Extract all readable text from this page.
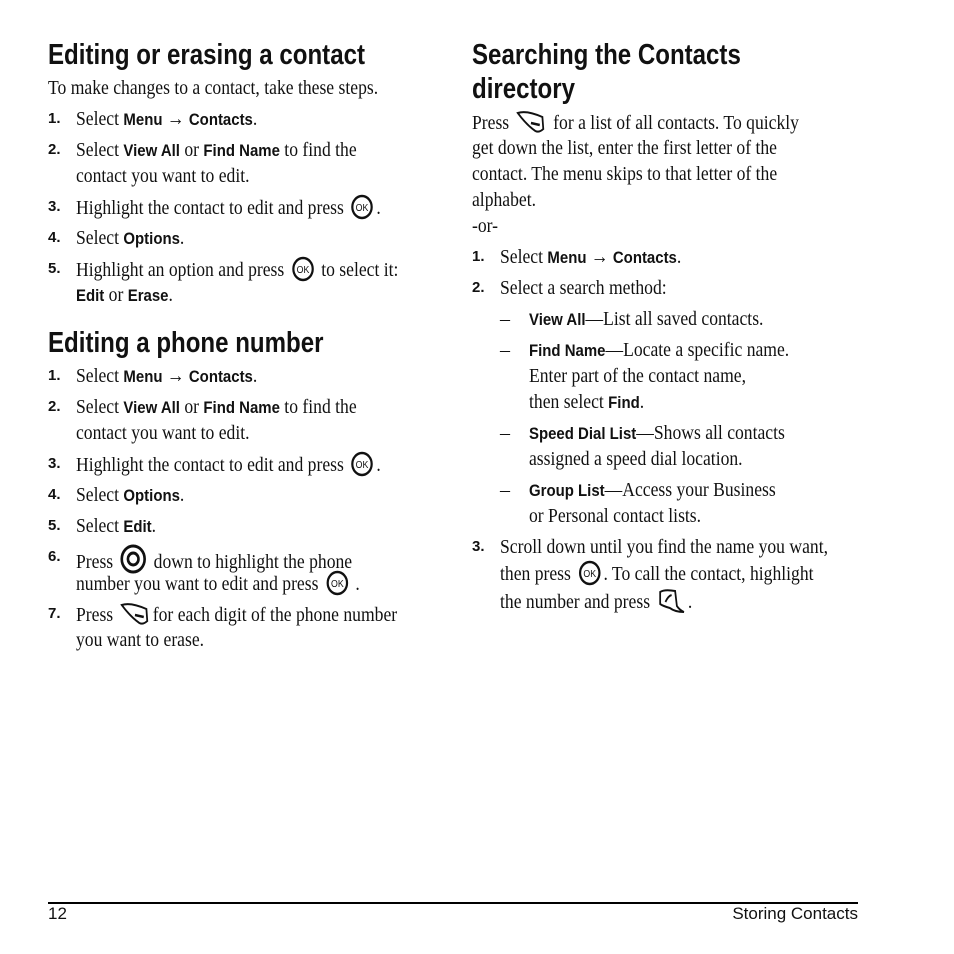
Editing or erasing a contact
To make changes to a contact, take these steps.
1. Select Menu → Contacts.
2. Select View All or Find Name to find the
contact you want to edit.
3. Highlight the contact to edit and press OK .
4. Select Options.
5. Highlight an option and press OK to select it:
Edit or Erase.
Editing a phone number
1. Select Menu → Contacts.
2. Select View All or Find Name to find the
contact you want to edit.
3. Highlight the contact to edit and press OK .
4. Select Options.
5. Select Edit.
6. Press  down to highlight the phone
number you want to edit and press OK .
7. Press for each digit of the phone number
you want to erase.
Searching the Contacts
directory
Press  for a list of all contacts. To quickly
get down the list, enter the first letter of the
contact. The menu skips to that letter of the
alphabet.
-or-
1. Select Menu → Contacts.
2. Select a search method:
– View All—List all saved contacts.
– Find Name—Locate a specific name.
Enter part of the contact name,
then select Find.
– Speed Dial List—Shows all contacts
assigned a speed dial location.
– Group List—Access your Business
or Personal contact lists.
3. Scroll down until you find the name you want,
then press OK . To call the contact, highlight
the number and press .
12	Storing Contacts
